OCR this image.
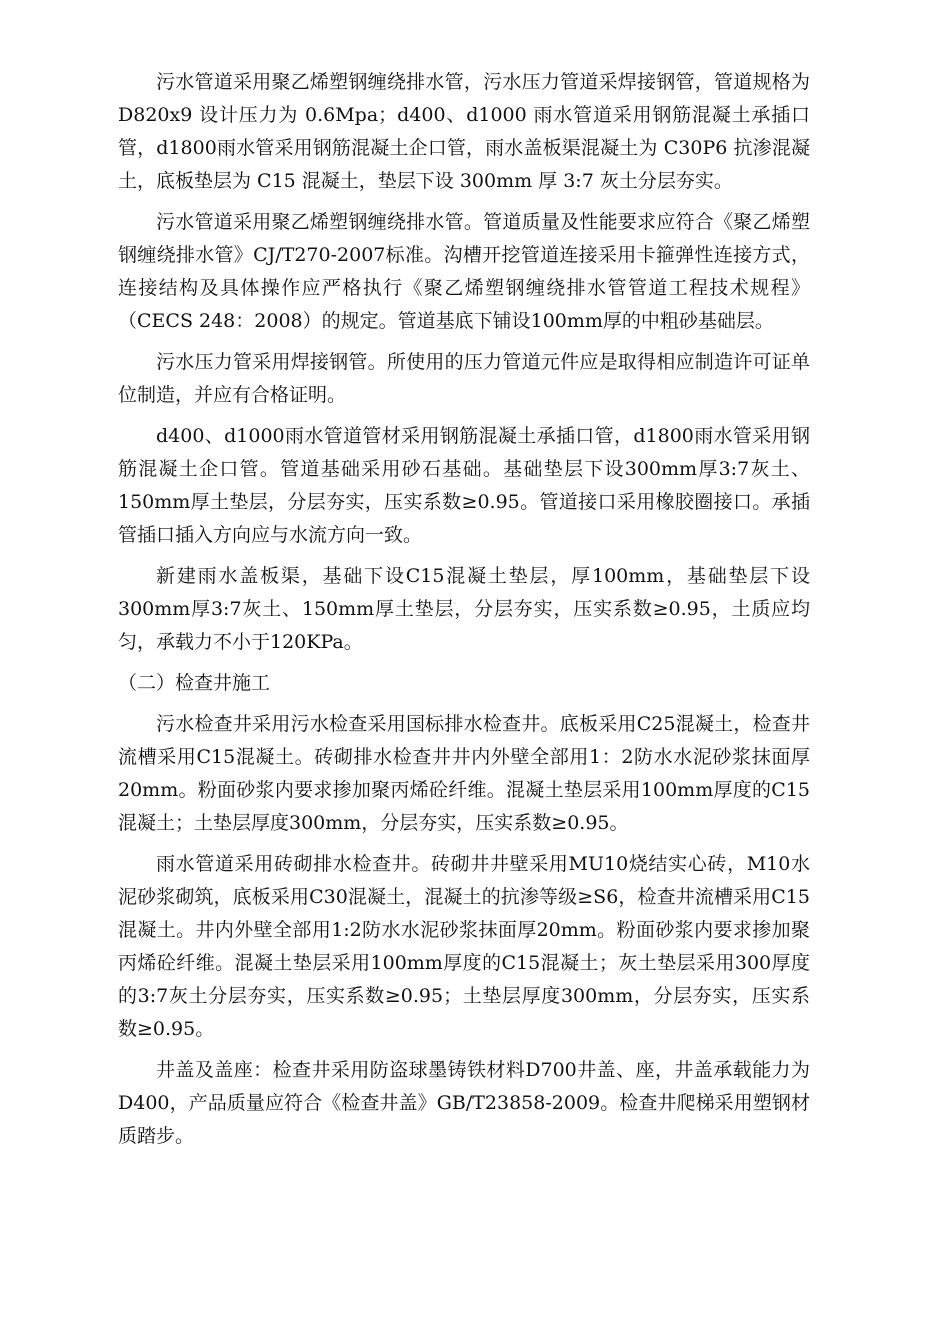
污水管道采用聚乙烯塑钢缠绕排水管，污水压力管道采焊接钢管，管道规格为D820x9 设计压力为 0.6Mpa；d400、d1000 雨水管道采用钢筋混凝土承插口管，d1800雨水管采用钢筋混凝土企口管，雨水盖板渠混凝土为 C30P6 抗渗混凝土，底板垫层为 C15 混凝土，垫层下设 300mm 厚 3:7 灰土分层夯实。

污水管道采用聚乙烯塑钢缠绕排水管。管道质量及性能要求应符合《聚乙烯塑钢缠绕排水管》CJ/T270-2007标准。沟槽开挖管道连接采用卡箍弹性连接方式，连接结构及具体操作应严格执行《聚乙烯塑钢缠绕排水管管道工程技术规程》（CECS 248：2008）的规定。管道基底下铺设100mm厚的中粗砂基础层。

污水压力管采用焊接钢管。所使用的压力管道元件应是取得相应制造许可证单位制造，并应有合格证明。

d400、d1000雨水管道管材采用钢筋混凝土承插口管，d1800雨水管采用钢筋混凝土企口管。管道基础采用砂石基础。基础垫层下设300mm厚3:7灰土、150mm厚土垫层，分层夯实，压实系数≥0.95。管道接口采用橡胶圈接口。承插管插口插入方向应与水流方向一致。

新建雨水盖板渠，基础下设C15混凝土垫层，厚100mm，基础垫层下设300mm厚3:7灰土、150mm厚土垫层，分层夯实，压实系数≥0.95，土质应均匀，承载力不小于120KPa。

（二）检查井施工

污水检查井采用污水检查采用国标排水检查井。底板采用C25混凝土，检查井流槽采用C15混凝土。砖砌排水检查井井内外壁全部用1：2防水水泥砂浆抹面厚20mm。粉面砂浆内要求掺加聚丙烯砼纤维。混凝土垫层采用100mm厚度的C15混凝土；土垫层厚度300mm，分层夯实，压实系数≥0.95。

雨水管道采用砖砌排水检查井。砖砌井井壁采用MU10烧结实心砖，M10水泥砂浆砌筑，底板采用C30混凝土，混凝土的抗渗等级≥S6，检查井流槽采用C15混凝土。井内外壁全部用1:2防水水泥砂浆抹面厚20mm。粉面砂浆内要求掺加聚丙烯砼纤维。混凝土垫层采用100mm厚度的C15混凝土；灰土垫层采用300厚度的3:7灰土分层夯实，压实系数≥0.95；土垫层厚度300mm，分层夯实，压实系数≥0.95。

井盖及盖座：检查井采用防盗球墨铸铁材料D700井盖、座，井盖承载能力为D400，产品质量应符合《检查井盖》GB/T23858-2009。检查井爬梯采用塑钢材质踏步。
